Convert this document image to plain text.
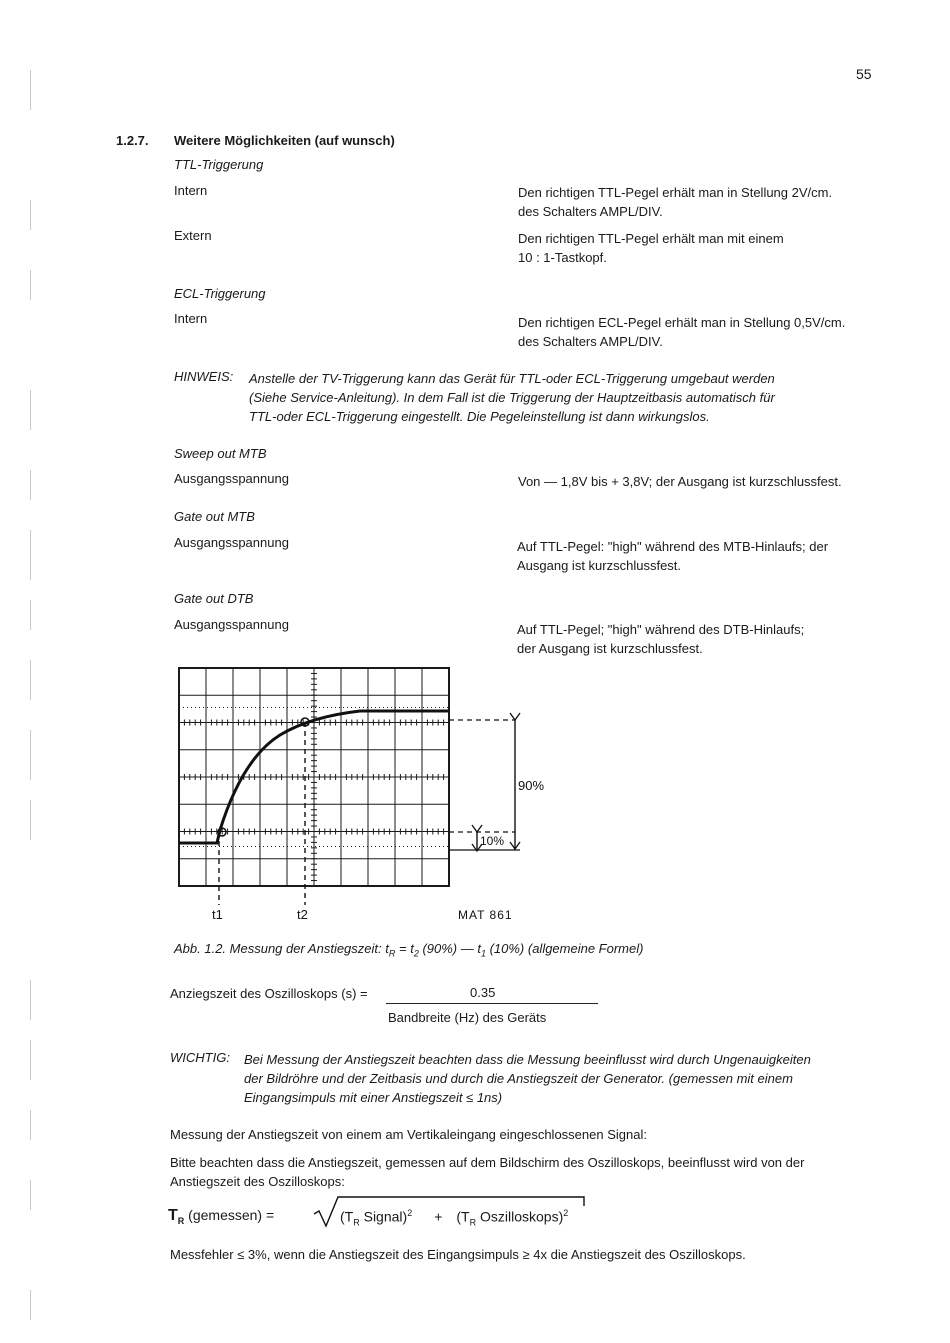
55
1.2.7. Weitere Möglichkeiten (auf wunsch)
TTL-Triggerung
Intern	Den richtigen TTL-Pegel erhält man in Stellung 2V/cm.
des Schalters AMPL/DIV.
Extern	Den richtigen TTL-Pegel erhält man mit einem
10 : 1-Tastkopf.
ECL-Triggerung
Intern	Den richtigen ECL-Pegel erhält man in Stellung 0,5V/cm.
des Schalters AMPL/DIV.
HINWEIS: Anstelle der TV-Triggerung kann das Gerät für TTL-oder ECL-Triggerung umgebaut werden
(Siehe Service-Anleitung). In dem Fall ist die Triggerung der Hauptzeitbasis automatisch für
TTL-oder ECL-Triggerung eingestellt. Die Pegeleinstellung ist dann wirkungslos.
Sweep out MTB
Ausgangsspannung	Von — 1,8V bis + 3,8V; der Ausgang ist kurzschlussfest.
Gate out MTB
Ausgangsspannung	Auf TTL-Pegel: "high" während des MTB-Hinlaufs; der
Ausgang ist kurzschlussfest.
Gate out DTB
Ausgangsspannung	Auf TTL-Pegel; "high" während des DTB-Hinlaufs;
der Ausgang ist kurzschlussfest.
90%
10%
t1	t2	MAT 861
Abb. 1.2. Messung der Anstiegszeit: $t_R = t_2$ (90%) — $t_1$ (10%) (allgemeine Formel)
Anziegszeit des Oszilloskops (s) =	0.35
Bandbreite (Hz) des Geräts
WICHTIG: Bei Messung der Anstiegszeit beachten dass die Messung beeinflusst wird durch Ungenauigkeiten
der Bildröhre und der Zeitbasis und durch die Anstiegszeit der Generator. (gemessen mit einem
Eingangsimpuls mit einer Anstiegszeit ≤ 1ns)
Messung der Anstiegszeit von einem am Vertikaleingang eingeschlossenen Signal:
Bitte beachten dass die Anstiegszeit, gemessen auf dem Bildschirm des Oszilloskops, beeinflusst wird von der
Anstiegszeit des Oszilloskops:
$T_R$ (gemessen) =	($T_R$ Signal)$^2$ + ($T_R$ Oszilloskops)$^2$
Messfehler ≤ 3%, wenn die Anstiegszeit des Eingangsimpuls ≥ 4x die Anstiegszeit des Oszilloskops.
